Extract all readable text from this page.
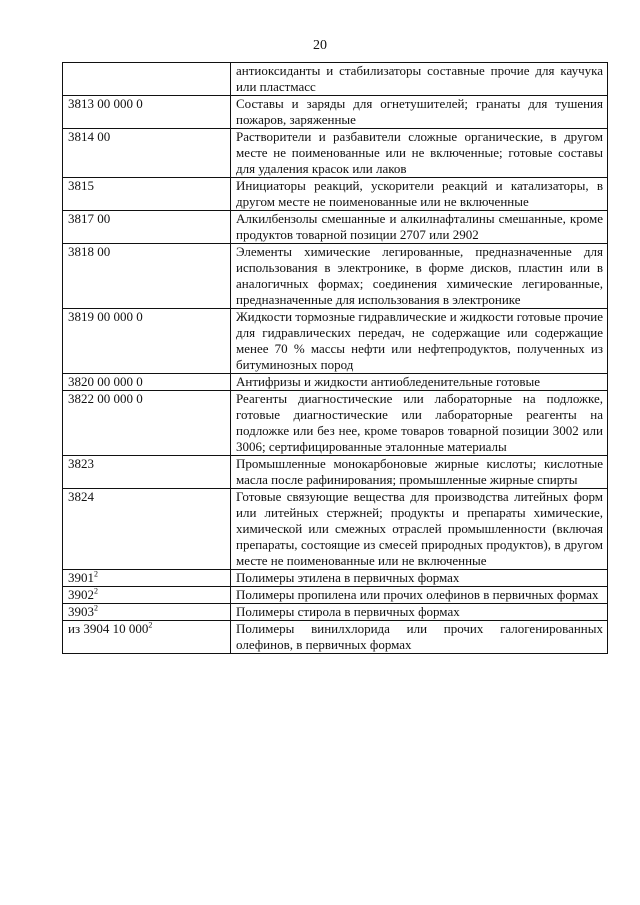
20
	антиоксиданты и стабилизаторы составные прочие для каучука или пластмасс
3813 00 000 0	Составы и заряды для огнетушителей; гранаты для тушения пожаров, заряженные
3814 00	Растворители и разбавители сложные органические, в другом месте не поименованные или не включенные; готовые составы для удаления красок или лаков
3815	Инициаторы реакций, ускорители реакций и катализаторы, в другом месте не поименованные или не включенные
3817 00	Алкилбензолы смешанные и алкилнафталины смешанные, кроме продуктов товарной позиции 2707 или 2902
3818 00	Элементы химические легированные, предназначенные для использования в электронике, в форме дисков, пластин или в аналогичных формах; соединения химические легированные, предназначенные для использования в электронике
3819 00 000 0	Жидкости тормозные гидравлические и жидкости готовые прочие для гидравлических передач, не содержащие или содержащие менее 70 % массы нефти или нефтепродуктов, полученных из битуминозных пород
3820 00 000 0	Антифризы и жидкости антиобледенительные готовые
3822 00 000 0	Реагенты диагностические или лабораторные на подложке, готовые диагностические или лабораторные реагенты на подложке или без нее, кроме товаров товарной позиции 3002 или 3006; сертифицированные эталонные материалы
3823	Промышленные монокарбоновые жирные кислоты; кислотные масла после рафинирования; промышленные жирные спирты
3824	Готовые связующие вещества для производства литейных форм или литейных стержней; продукты и препараты химические, химической или смежных отраслей промышленности (включая препараты, состоящие из смесей природных продуктов), в другом месте не поименованные или не включенные
3901$^2$	Полимеры этилена в первичных формах
3902$^2$	Полимеры пропилена или прочих олефинов в первичных формах
3903$^2$	Полимеры стирола в первичных формах
из 3904 10 $000^2$	Полимеры винилхлорида или прочих галогенированных олефинов, в первичных формах
